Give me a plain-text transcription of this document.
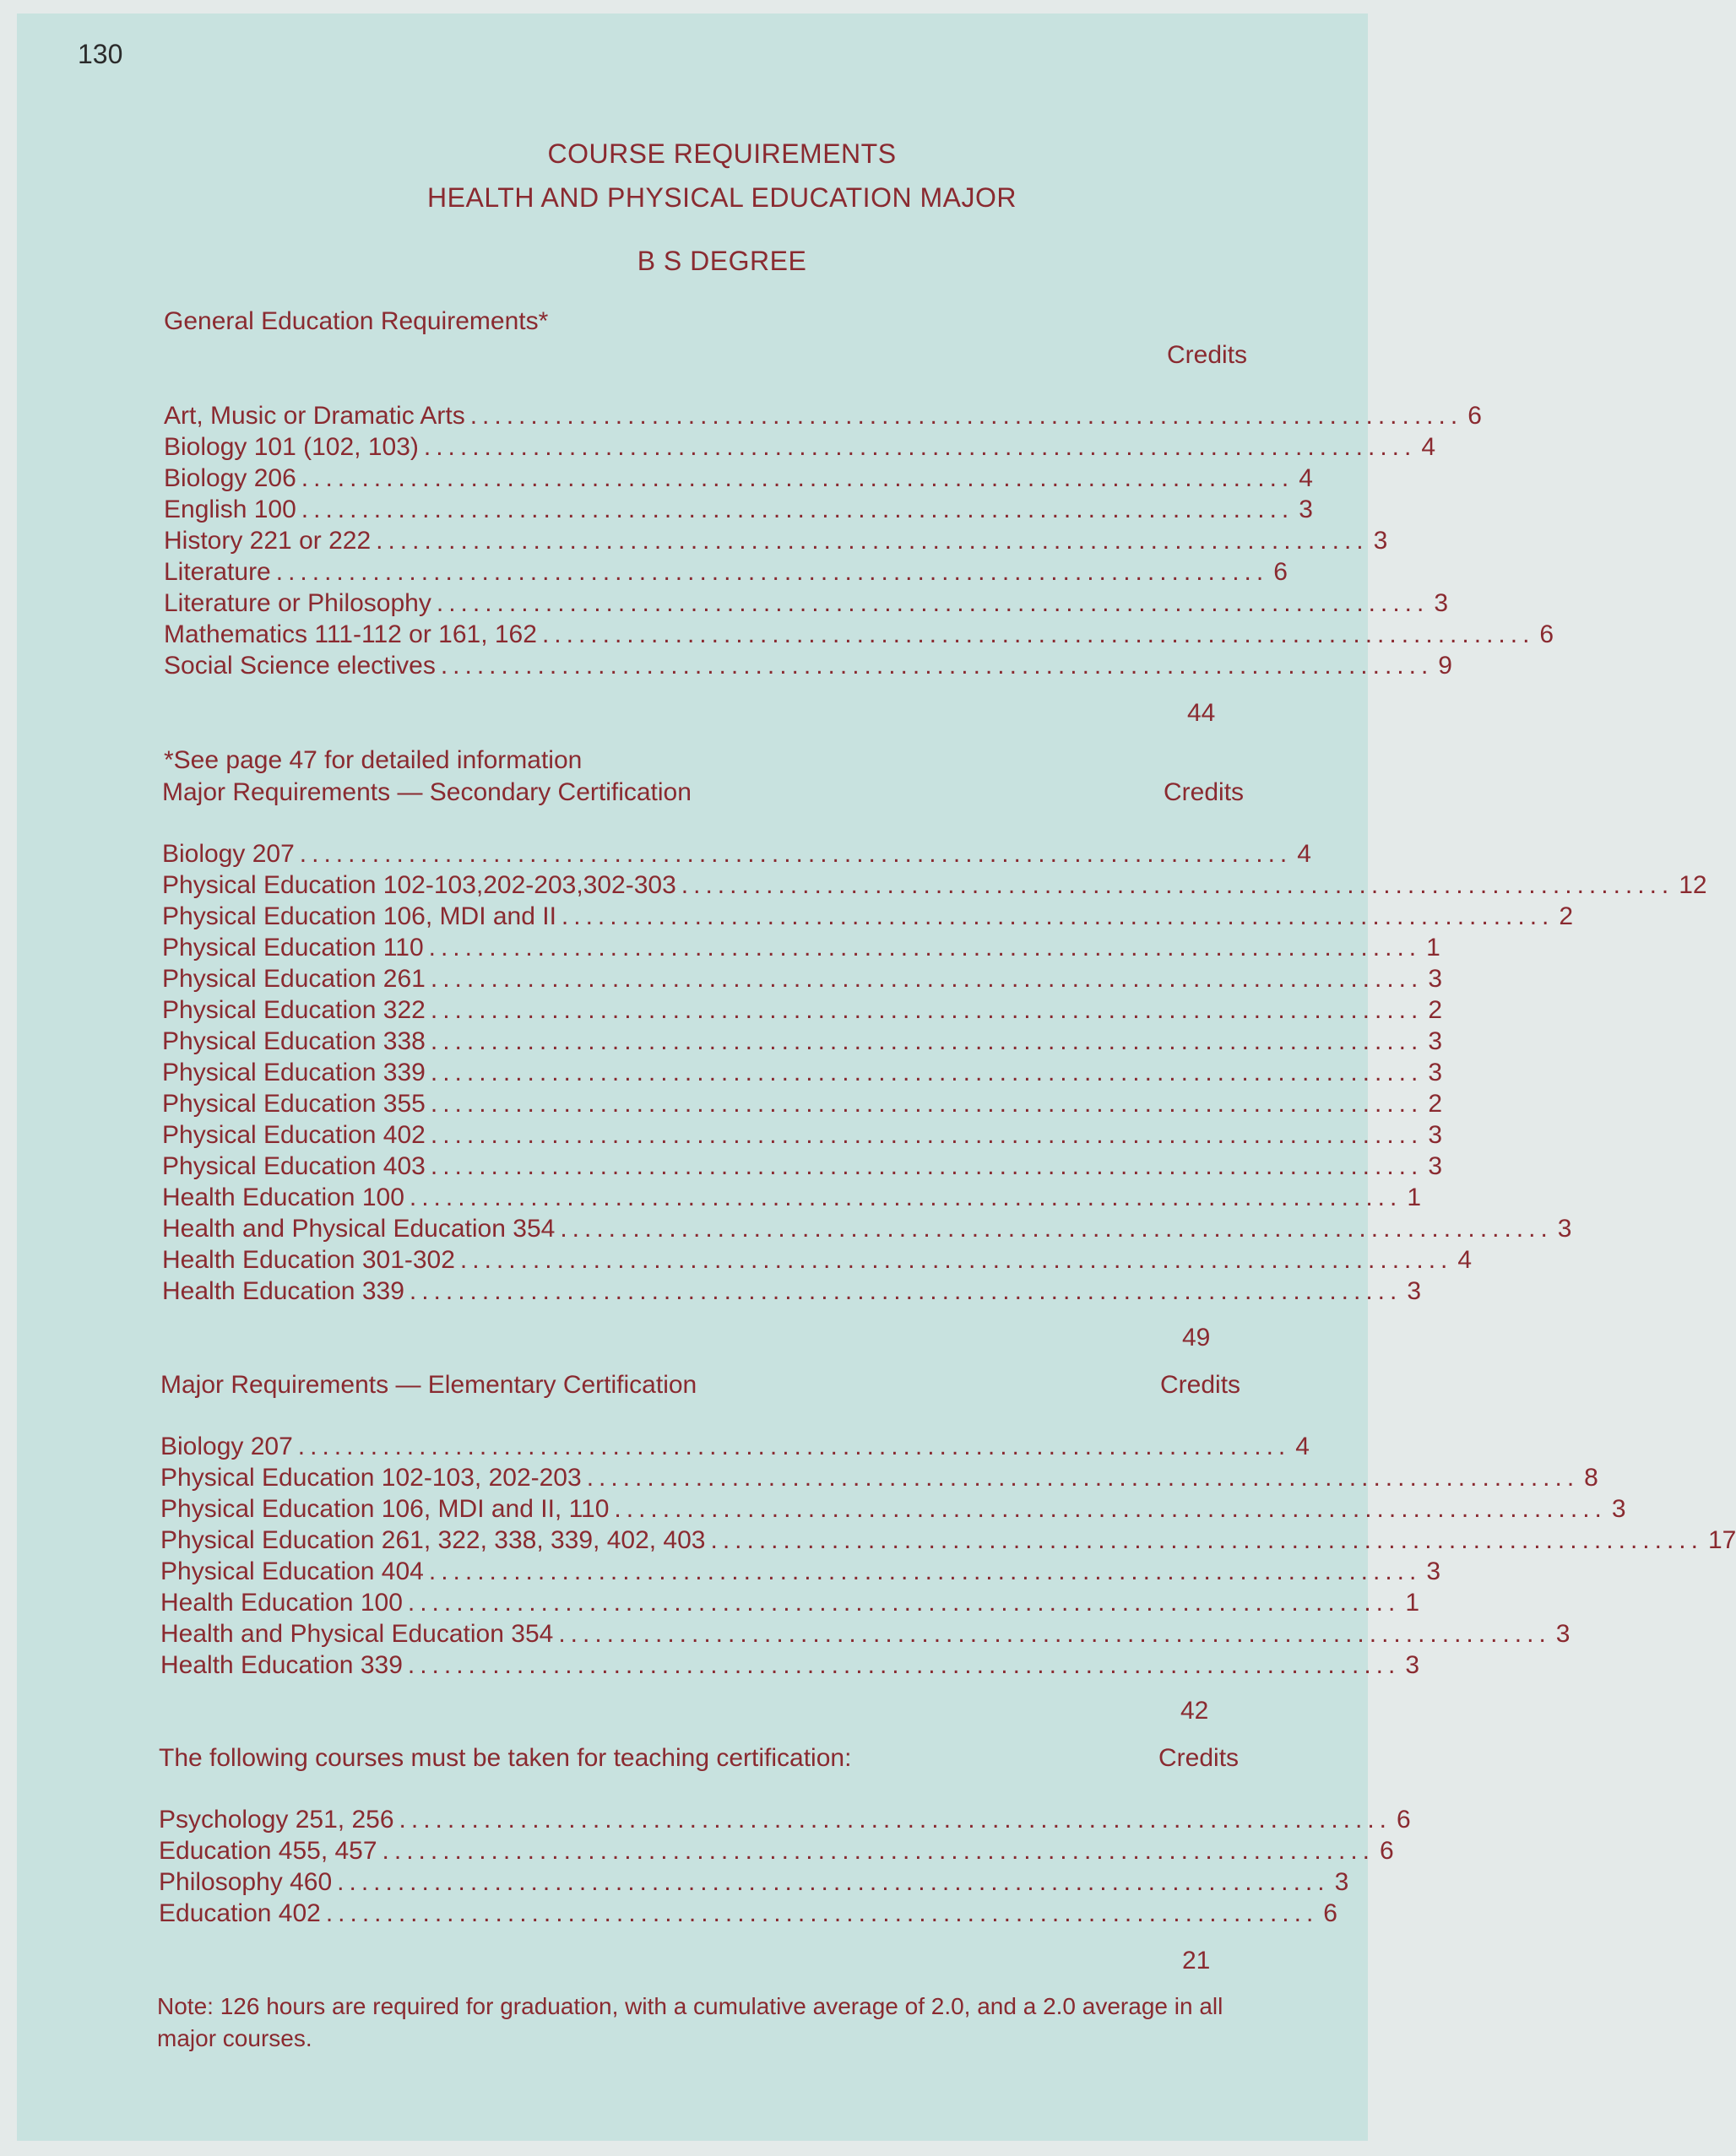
130
COURSE REQUIREMENTS
HEALTH AND PHYSICAL EDUCATION MAJOR
B S DEGREE
General Education Requirements*
Credits
Art, Music or Dramatic Arts .................................................................................. 6
Biology 101 (102, 103) .................................................................................. 4
Biology 206 .................................................................................. 4
English 100 .................................................................................. 3
History 221 or 222 .................................................................................. 3
Literature .................................................................................. 6
Literature or Philosophy .................................................................................. 3
Mathematics 111-112 or 161, 162 .................................................................................. 6
Social Science electives .................................................................................. 9
44
*See page 47 for detailed information
Major Requirements — Secondary Certification	Credits
Biology 207 .................................................................................. 4
Physical Education 102-103,202-203,302-303 .................................................................................. 12
Physical Education 106, MDI and II .................................................................................. 2
Physical Education 110 .................................................................................. 1
Physical Education 261 .................................................................................. 3
Physical Education 322 .................................................................................. 2
Physical Education 338 .................................................................................. 3
Physical Education 339 .................................................................................. 3
Physical Education 355 .................................................................................. 2
Physical Education 402 .................................................................................. 3
Physical Education 403 .................................................................................. 3
Health Education 100 .................................................................................. 1
Health and Physical Education 354 .................................................................................. 3
Health Education 301-302 .................................................................................. 4
Health Education 339 .................................................................................. 3
49
Major Requirements — Elementary Certification	Credits
Biology 207 .................................................................................. 4
Physical Education 102-103, 202-203 .................................................................................. 8
Physical Education 106, MDI and II, 110 .................................................................................. 3
Physical Education 261, 322, 338, 339, 402, 403 .................................................................................. 17
Physical Education 404 .................................................................................. 3
Health Education 100 .................................................................................. 1
Health and Physical Education 354 .................................................................................. 3
Health Education 339 .................................................................................. 3
42
The following courses must be taken for teaching certification:	Credits
Psychology 251, 256 .................................................................................. 6
Education 455, 457 .................................................................................. 6
Philosophy 460 .................................................................................. 3
Education 402 .................................................................................. 6
21
Note: 126 hours are required for graduation, with a cumulative average of 2.0, and a 2.0 average in all major courses.
